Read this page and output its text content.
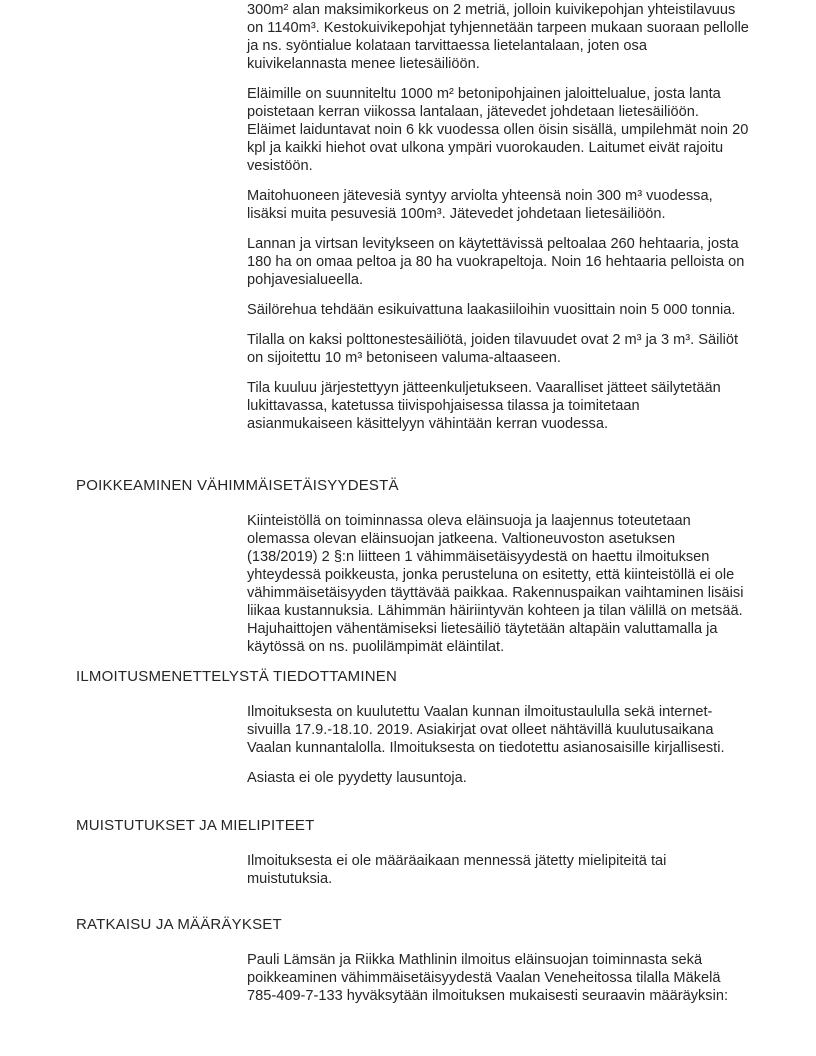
300m² alan maksimikorkeus on 2 metriä, jolloin kuivikepohjan yhteistilavuus on 1140m³. Kestokuivikepohjat tyhjennetään tarpeen mukaan suoraan pellolle ja ns. syöntialue kolataan tarvittaessa lietelantalaan, joten osa kuivikelannasta menee lietesäiliöön.

Eläimille on suunniteltu 1000 m² betonipohjainen jaloittelualue, josta lanta poistetaan kerran viikossa lantalaan, jätevedet johdetaan lietesäiliöön. Eläimet laiduntavat noin 6 kk vuodessa ollen öisin sisällä, umpilehmät noin 20 kpl ja kaikki hiehot ovat ulkona ympäri vuorokauden. Laitumet eivät rajoitu vesistöön.

Maitohuoneen jätevesiä syntyy arviolta yhteensä noin 300 m³ vuodessa, lisäksi muita pesuvesiä 100m³. Jätevedet johdetaan lietesäiliöön.

Lannan ja virtsan levitykseen on käytettävissä peltoalaa 260 hehtaaria, josta 180 ha on omaa peltoa ja 80 ha vuokrapeltoja. Noin 16 hehtaaria pelloista on pohjavesialueella.

Säilörehua tehdään esikuivattuna laakasiiloihin vuosittain noin 5 000 tonnia.

Tilalla on kaksi polttonestesäiliötä, joiden tilavuudet ovat 2 m³ ja 3 m³. Säiliöt on sijoitettu 10 m³ betoniseen valuma-altaaseen.

Tila kuuluu järjestettyyn jätteenkuljetukseen. Vaaralliset jätteet säilytetään lukittavassa, katetussa tiivispohjaisessa tilassa ja toimitetaan asianmukaiseen käsittelyyn vähintään kerran vuodessa.

POIKKEAMINEN VÄHIMMÄISETÄISYYDESTÄ

Kiinteistöllä on toiminnassa oleva eläinsuoja ja laajennus toteutetaan olemassa olevan eläinsuojan jatkeena. Valtioneuvoston asetuksen (138/2019) 2 §:n liitteen 1 vähimmäisetäisyydestä on haettu ilmoituksen yhteydessä poikkeusta, jonka perusteluna on esitetty, että kiinteistöllä ei ole vähimmäisetäisyyden täyttävää paikkaa. Rakennuspaikan vaihtaminen lisäisi liikaa kustannuksia. Lähimmän häiriintyvän kohteen ja tilan välillä on metsää. Hajuhaittojen vähentämiseksi lietesäiliö täytetään altapäin valuttamalla ja käytössä on ns. puolilämpimät eläintilat.

ILMOITUSMENETTELYSTÄ TIEDOTTAMINEN

Ilmoituksesta on kuulutettu Vaalan kunnan ilmoitustaululla sekä internet-sivuilla 17.9.-18.10. 2019. Asiakirjat ovat olleet nähtävillä kuulutusaikana Vaalan kunnantalolla. Ilmoituksesta on tiedotettu asianosaisille kirjallisesti.

Asiasta ei ole pyydetty lausuntoja.

MUISTUTUKSET JA MIELIPITEET

Ilmoituksesta ei ole määräaikaan mennessä jätetty mielipiteitä tai muistutuksia.

RATKAISU JA MÄÄRÄYKSET

Pauli Lämsän ja Riikka Mathlinin ilmoitus eläinsuojan toiminnasta sekä poikkeaminen vähimmäisetäisyydestä Vaalan Veneheitossa tilalla Mäkelä 785-409-7-133 hyväksytään ilmoituksen mukaisesti seuraavin määräyksin:
